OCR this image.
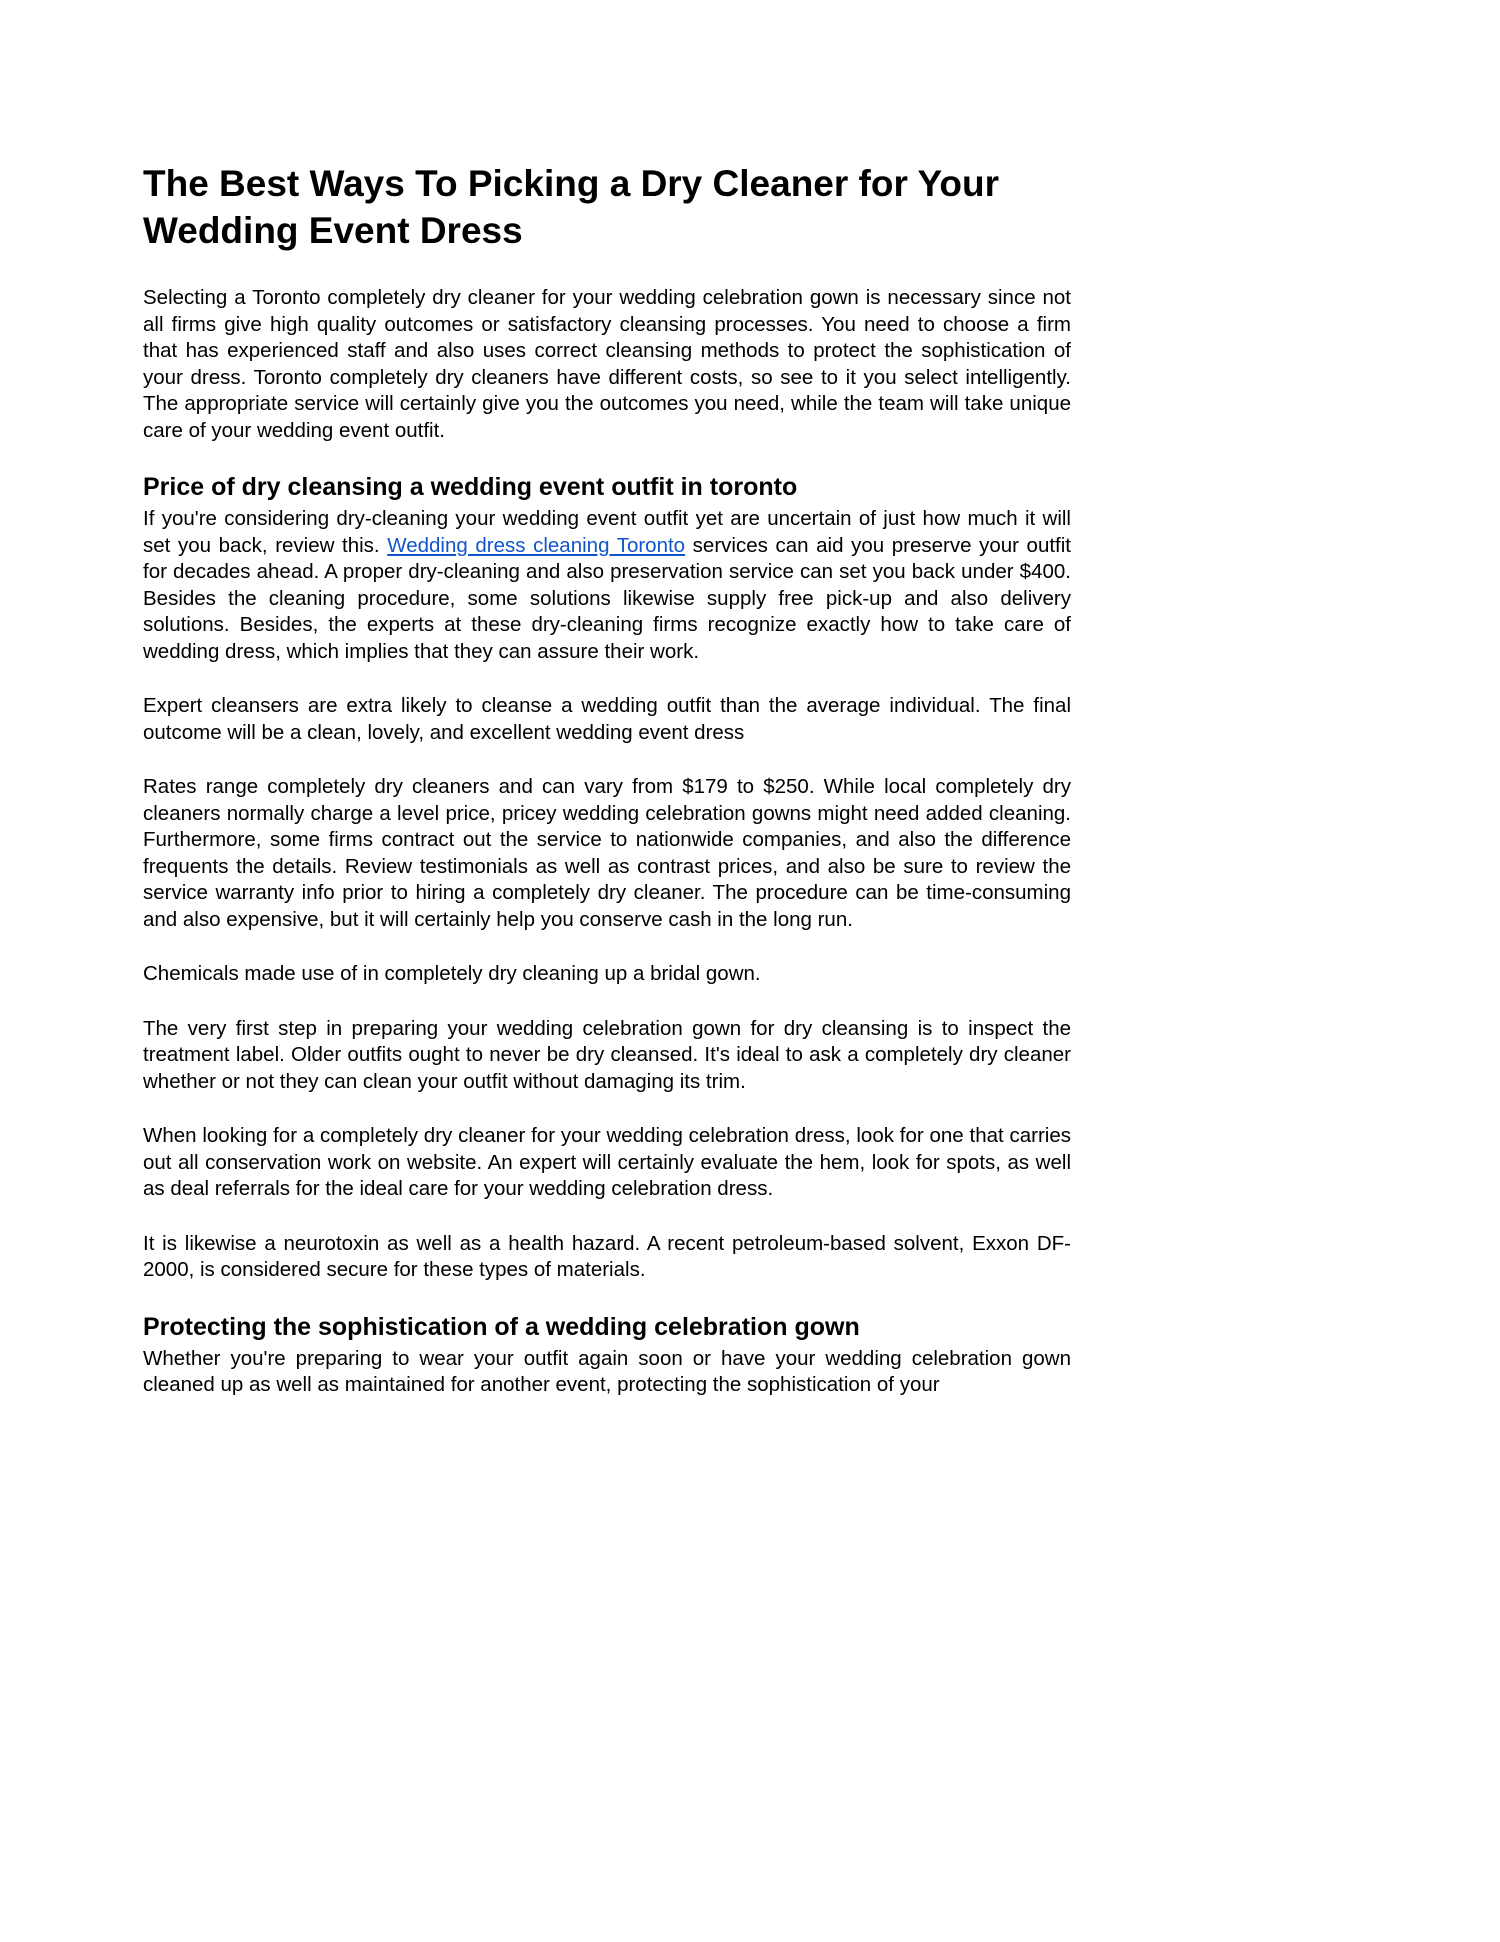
The Best Ways To Picking a Dry Cleaner for Your Wedding Event Dress

Selecting a Toronto completely dry cleaner for your wedding celebration gown is necessary since not all firms give high quality outcomes or satisfactory cleansing processes. You need to choose a firm that has experienced staff and also uses correct cleansing methods to protect the sophistication of your dress. Toronto completely dry cleaners have different costs, so see to it you select intelligently. The appropriate service will certainly give you the outcomes you need, while the team will take unique care of your wedding event outfit.

Price of dry cleansing a wedding event outfit in toronto

If you're considering dry-cleaning your wedding event outfit yet are uncertain of just how much it will set you back, review this. Wedding dress cleaning Toronto services can aid you preserve your outfit for decades ahead. A proper dry-cleaning and also preservation service can set you back under $400. Besides the cleaning procedure, some solutions likewise supply free pick-up and also delivery solutions. Besides, the experts at these dry-cleaning firms recognize exactly how to take care of wedding dress, which implies that they can assure their work.

Expert cleansers are extra likely to cleanse a wedding outfit than the average individual. The final outcome will be a clean, lovely, and excellent wedding event dress

Rates range completely dry cleaners and can vary from $179 to $250. While local completely dry cleaners normally charge a level price, pricey wedding celebration gowns might need added cleaning. Furthermore, some firms contract out the service to nationwide companies, and also the difference frequents the details. Review testimonials as well as contrast prices, and also be sure to review the service warranty info prior to hiring a completely dry cleaner. The procedure can be time-consuming and also expensive, but it will certainly help you conserve cash in the long run.

Chemicals made use of in completely dry cleaning up a bridal gown.

The very first step in preparing your wedding celebration gown for dry cleansing is to inspect the treatment label. Older outfits ought to never be dry cleansed. It's ideal to ask a completely dry cleaner whether or not they can clean your outfit without damaging its trim.

When looking for a completely dry cleaner for your wedding celebration dress, look for one that carries out all conservation work on website. An expert will certainly evaluate the hem, look for spots, as well as deal referrals for the ideal care for your wedding celebration dress.

It is likewise a neurotoxin as well as a health hazard. A recent petroleum-based solvent, Exxon DF-2000, is considered secure for these types of materials.

Protecting the sophistication of a wedding celebration gown

Whether you're preparing to wear your outfit again soon or have your wedding celebration gown cleaned up as well as maintained for another event, protecting the sophistication of your
